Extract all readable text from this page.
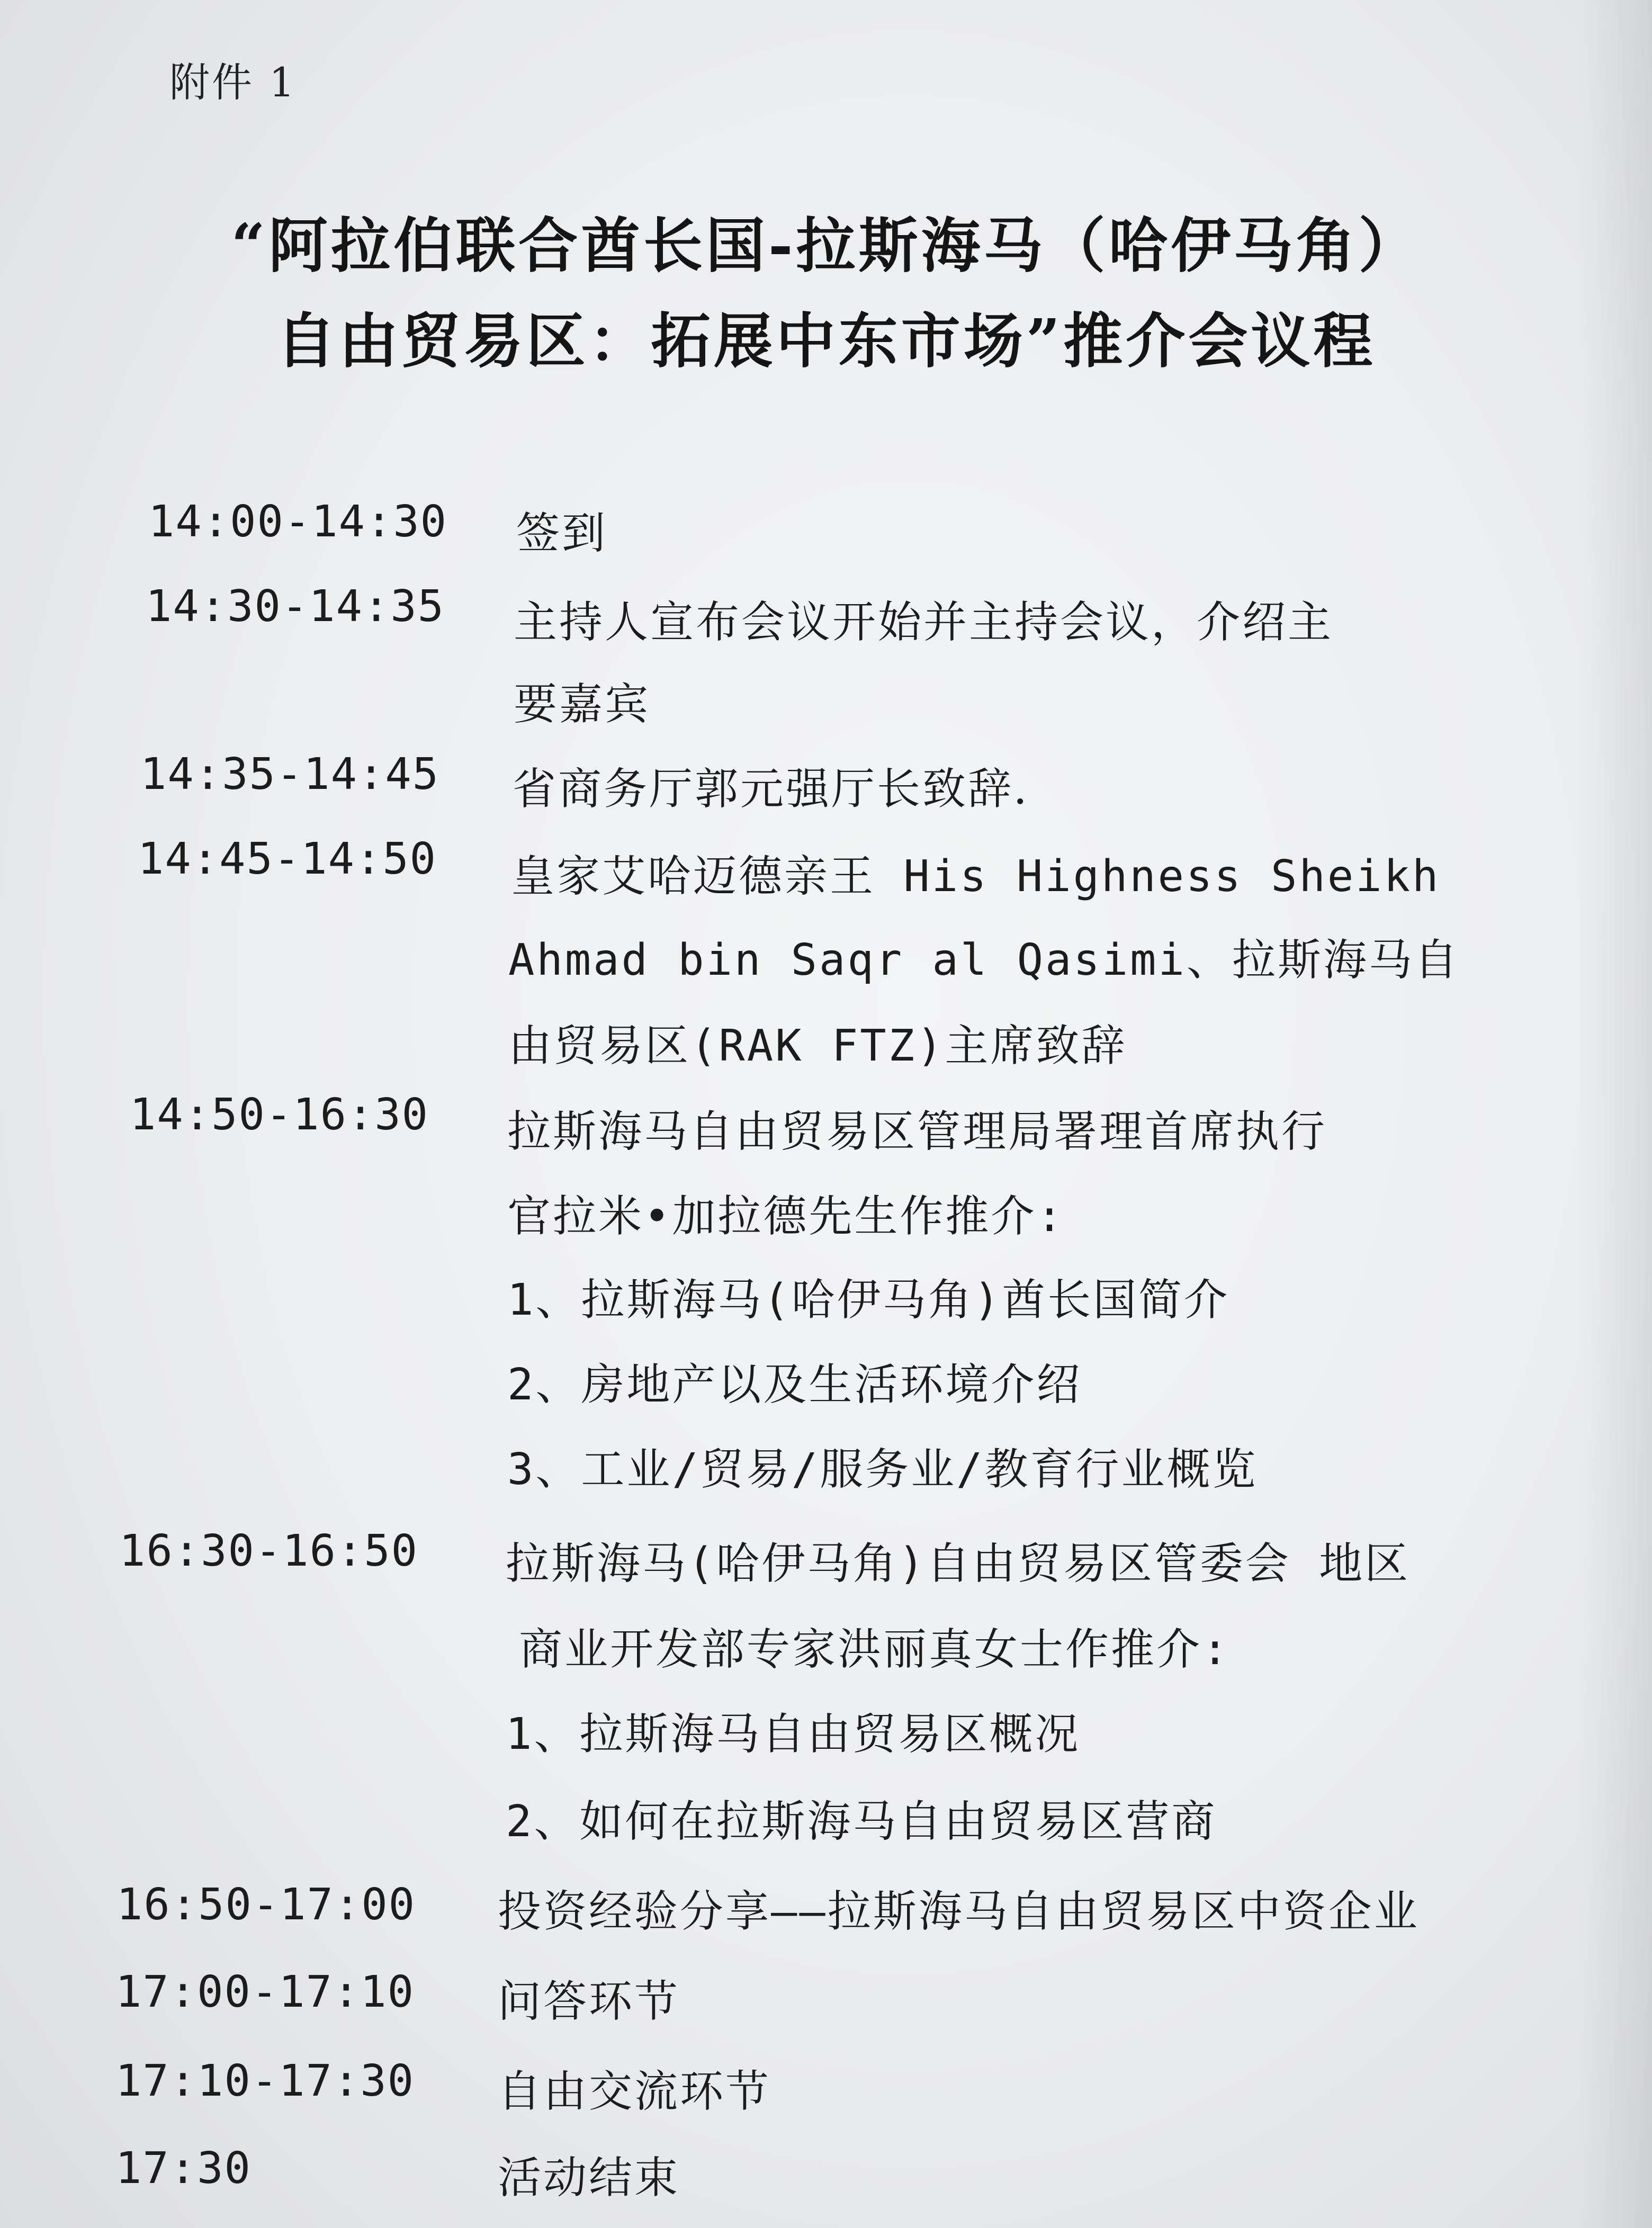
附件 1
“阿拉伯联合酋长国-拉斯海马（哈伊马角）
自由贸易区：拓展中东市场”推介会议程
14:00-14:30 签到
14:30-14:35 主持人宣布会议开始并主持会议，介绍主
要嘉宾
14:35-14:45 省商务厅郭元强厅长致辞．
14:45-14:50 皇家艾哈迈德亲王 His Highness Sheikh
Ahmad bin Saqr al Qasimi、拉斯海马自
由贸易区(RAK FTZ)主席致辞
14:50-16:30 拉斯海马自由贸易区管理局署理首席执行
官拉米•加拉德先生作推介:
1、拉斯海马(哈伊马角)酋长国简介
2、房地产以及生活环境介绍
3、工业/贸易/服务业/教育行业概览
16:30-16:50 拉斯海马(哈伊马角)自由贸易区管委会 地区
商业开发部专家洪丽真女士作推介:
1、拉斯海马自由贸易区概况
2、如何在拉斯海马自由贸易区营商
16:50-17:00 投资经验分享——拉斯海马自由贸易区中资企业
17:00-17:10 问答环节
17:10-17:30 自由交流环节
17:30	活动结束
